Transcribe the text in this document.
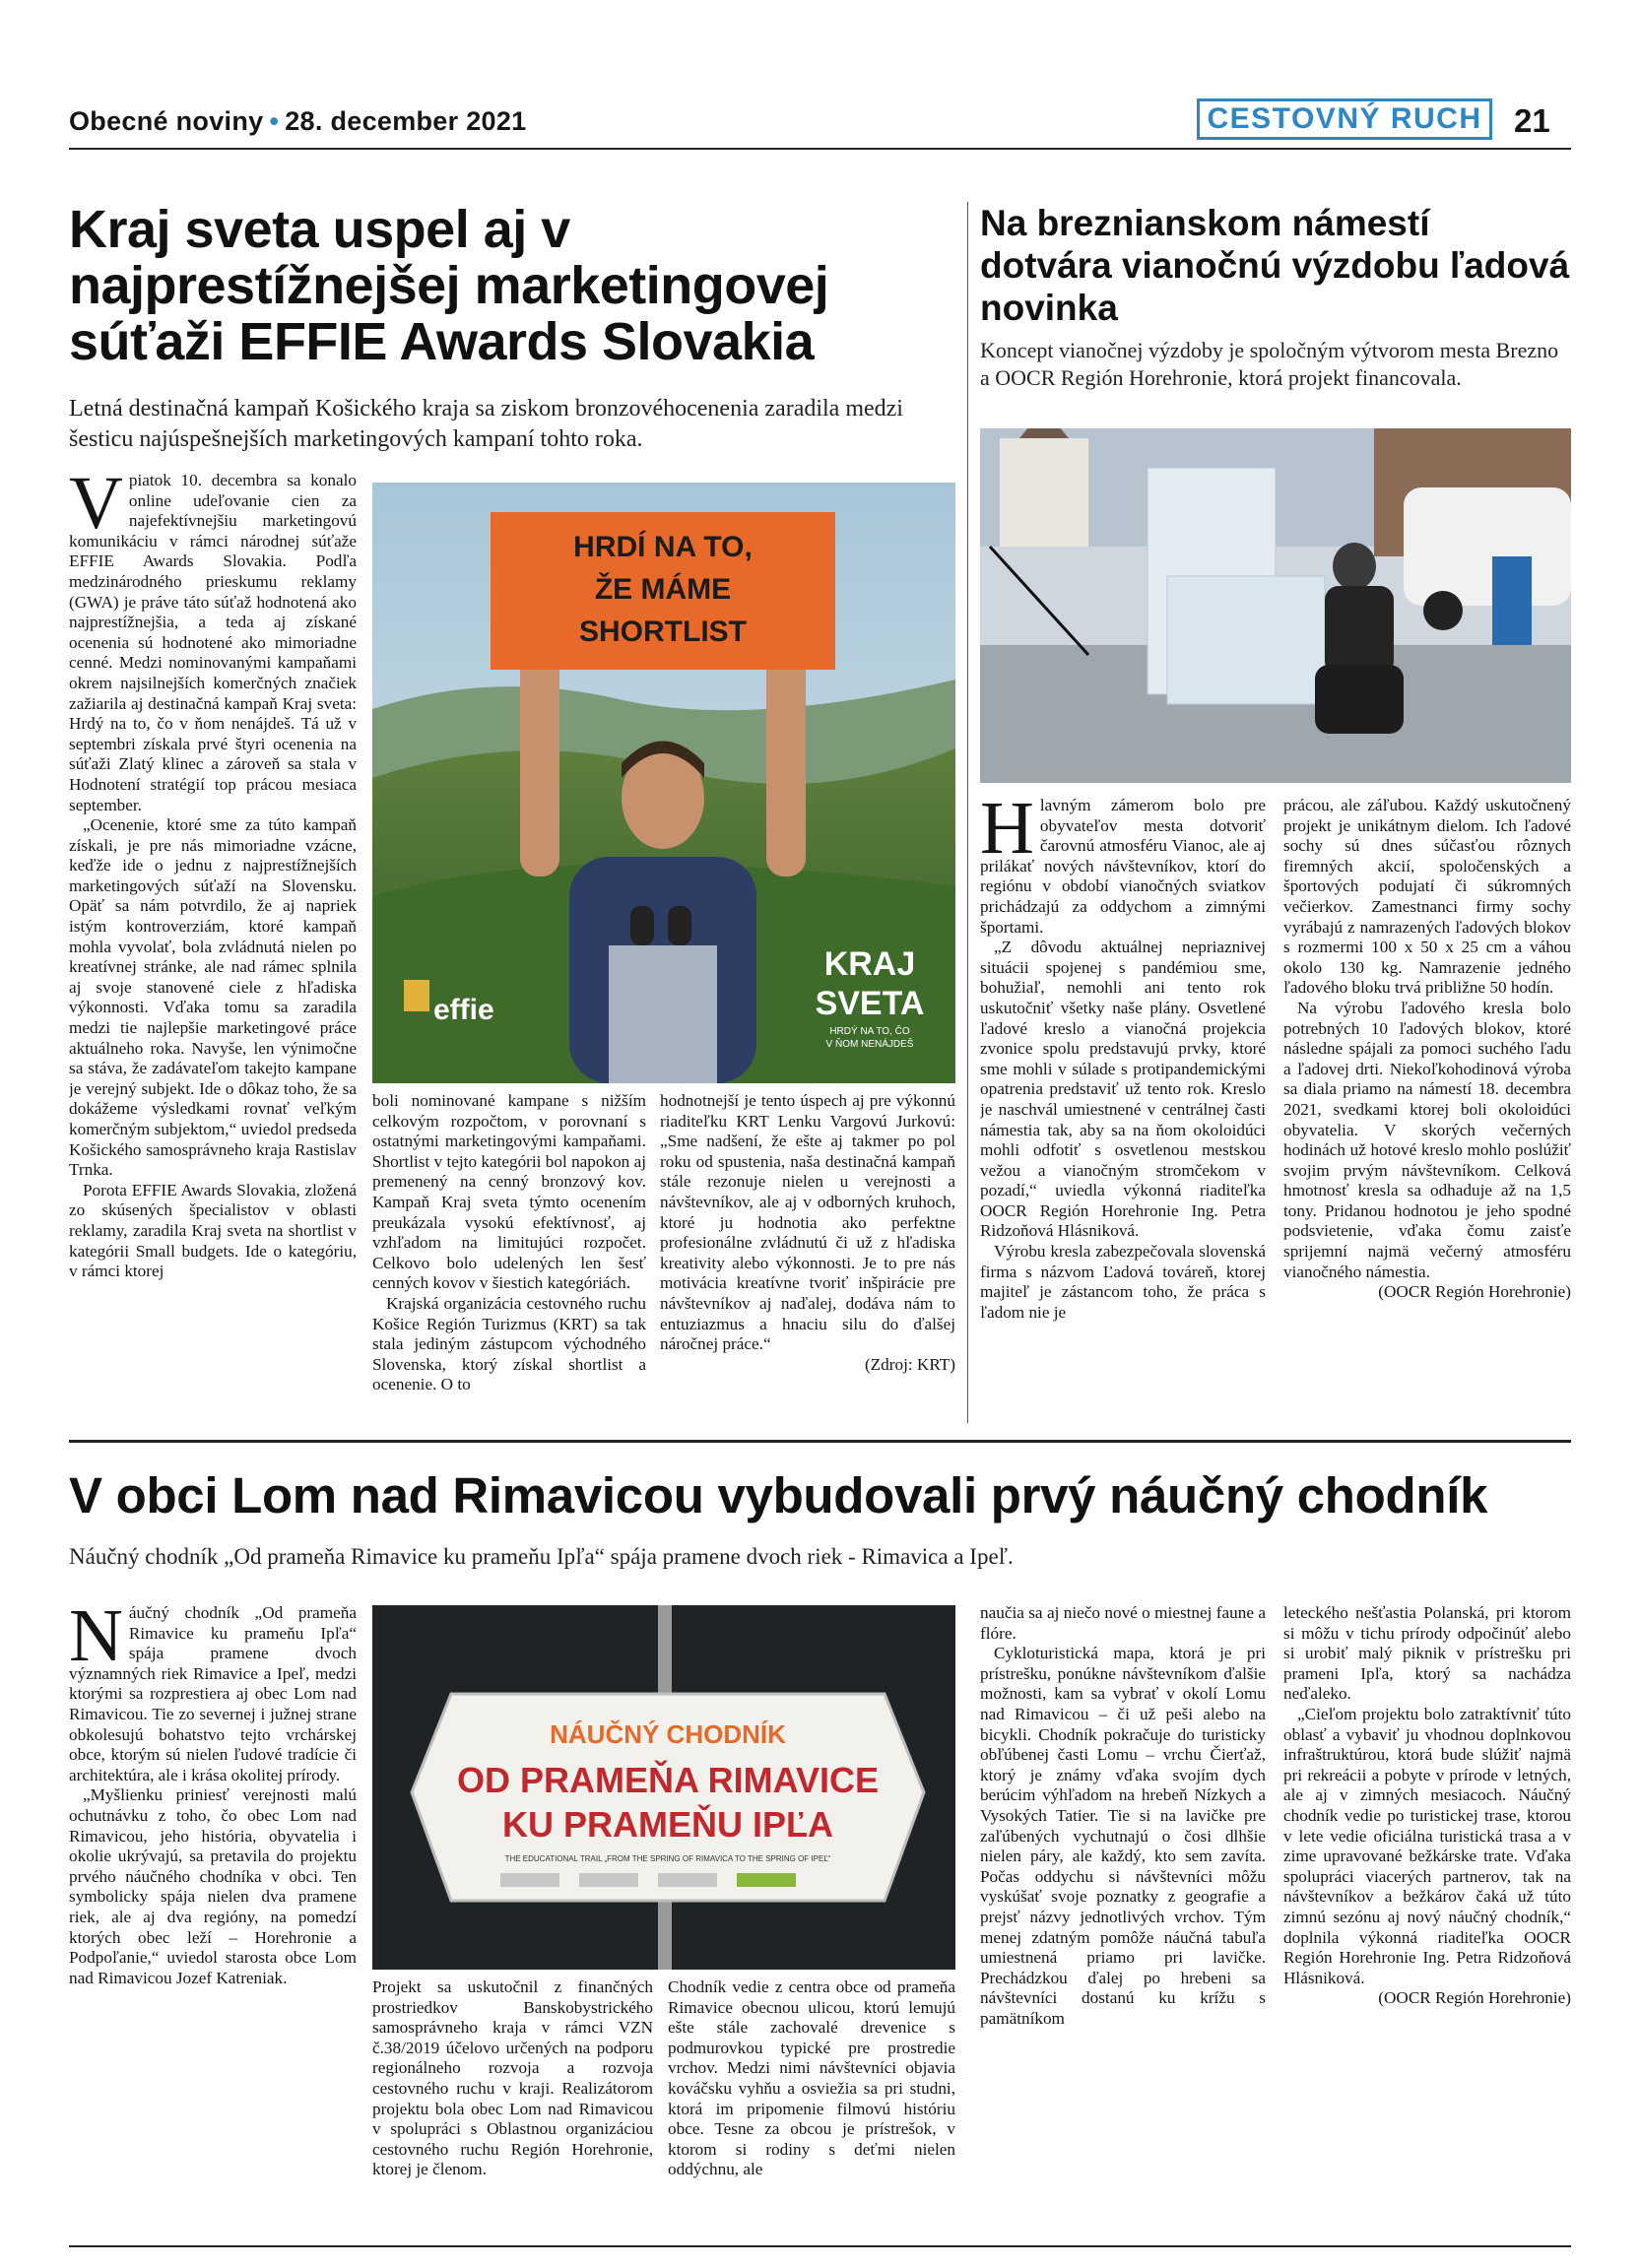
Obecné noviny • 28. december 2021	CESTOVNÝ RUCH 21
Kraj sveta uspel aj v najprestížnejšej marketingovej súťaži EFFIE Awards Slovakia
Letná destinačná kampaň Košického kraja sa ziskom bronzovéhocenenia zaradila medzi šesticu najúspešnejších marketingových kampaní tohto roka.
V piatok 10. decembra sa konalo online udeľovanie cien za najefektívnejšiu marketingovú komunikáciu v rámci národnej súťaže EFFIE Awards Slovakia. Podľa medzinárodného prieskumu reklamy (GWA) je práve táto súťaž hodnotená ako najprestížnejšia, a teda aj získané ocenenia sú hodnotené ako mimoriadne cenné. Medzi nominovanými kampaňami okrem najsilnejších komerčných značiek zažiarila aj destinačná kampaň Kraj sveta: Hrdý na to, čo v ňom nenájdeš. Tá už v septembri získala prvé štyri ocenenia na súťaži Zlatý klinec a zároveň sa stala v Hodnotení stratégií top prácou mesiaca september.

„Ocenenie, ktoré sme za túto kampaň získali, je pre nás mimoriadne vzácne, keďže ide o jednu z najprestížnejších marketingových súťaží na Slovensku. Opäť sa nám potvrdilo, že aj napriek istým kontroverziám, ktoré kampaň mohla vyvolať, bola zvládnutá nielen po kreatívnej stránke, ale nad rámec splnila aj svoje stanovené ciele z hľadiska výkonnosti. Vďaka tomu sa zaradila medzi tie najlepšie marketingové práce aktuálneho roka. Navyše, len výnimočne sa stáva, že zadávateľom takejto kampane je verejný subjekt. Ide o dôkaz toho, že sa dokážeme výsledkami rovnať veľkým komerčným subjektom,“ uviedol predseda Košického samosprávneho kraja Rastislav Trnka.

Porota EFFIE Awards Slovakia, zložená zo skúsených špecialistov v oblasti reklamy, zaradila Kraj sveta na shortlist v kategórii Small budgets. Ide o kategóriu, v rámci ktorej

HRDÍ NA TO,
ŽE MÁME
SHORTLIST
effie
KRAJ
SVETA
HRDÝ NA TO, ČO
V ŇOM NENÁJDEŠ

boli nominované kampane s nižším celkovým rozpočtom, v porovnaní s ostatnými marketingovými kampaňami. Shortlist v tejto kategórii bol napokon aj premenený na cenný bronzový kov. Kampaň Kraj sveta týmto ocenením preukázala vysokú efektívnosť, aj vzhľadom na limitujúci rozpočet. Celkovo bolo udelených len šesť cenných kovov v šiestich kategóriách.

Krajská organizácia cestovného ruchu Košice Región Turizmus (KRT) sa tak stala jediným zástupcom východného Slovenska, ktorý získal shortlist a ocenenie. O to

hodnotnejší je tento úspech aj pre výkonnú riaditeľku KRT Lenku Vargovú Jurkovú: „Sme nadšení, že ešte aj takmer po pol roku od spustenia, naša destinačná kampaň stále rezonuje nielen u verejnosti a návštevníkov, ale aj v odborných kruhoch, ktoré ju hodnotia ako perfektne profesionálne zvládnutú či už z hľadiska kreativity alebo výkonnosti. Je to pre nás motivácia kreatívne tvoriť inšpirácie pre návštevníkov aj naďalej, dodáva nám to entuziazmus a hnaciu silu do ďalšej náročnej práce.“

(Zdroj: KRT)

Na breznianskom námestí dotvára vianočnú výzdobu ľadová novinka
Koncept vianočnej výzdoby je spoločným výtvorom mesta Brezno a OOCR Región Horehronie, ktorá projekt financovala.
H lavným zámerom bolo pre obyvateľov mesta dotvoriť čarovnú atmosféru Vianoc, ale aj prilákať nových návštevníkov, ktorí do regiónu v období vianočných sviatkov prichádzajú za oddychom a zimnými športami.

„Z dôvodu aktuálnej nepriaznivej situácii spojenej s pandémiou sme, bohužiaľ, nemohli ani tento rok uskutočniť všetky naše plány. Osvetlené ľadové kreslo a vianočná projekcia zvonice spolu predstavujú prvky, ktoré sme mohli v súlade s protipandemickými opatrenia predstaviť už tento rok. Kreslo je naschvál umiestnené v centrálnej časti námestia tak, aby sa na ňom okoloidúci mohli odfotiť s osvetlenou mestskou vežou a vianočným stromčekom v pozadí,“ uviedla výkonná riaditeľka OOCR Región Horehronie Ing. Petra Ridzoňová Hlásniková.

Výrobu kresla zabezpečovala slovenská firma s názvom Ľadová továreň, ktorej majiteľ je zástancom toho, že práca s ľadom nie je

prácou, ale záľubou. Každý uskutočnený projekt je unikátnym dielom. Ich ľadové sochy sú dnes súčasťou rôznych firemných akcií, spoločenských a športových podujatí či súkromných večierkov. Zamestnanci firmy sochy vyrábajú z namrazených ľadových blokov s rozmermi 100 x 50 x 25 cm a váhou okolo 130 kg. Namrazenie jedného ľadového bloku trvá približne 50 hodín.

Na výrobu ľadového kresla bolo potrebných 10 ľadových blokov, ktoré následne spájali za pomoci suchého ľadu a ľadovej drti. Niekoľkohodinová výroba sa diala priamo na námestí 18. decembra 2021, svedkami ktorej boli okoloidúci obyvatelia. V skorých večerných hodinách už hotové kreslo mohlo poslúžiť svojim prvým návštevníkom. Celková hmotnosť kresla sa odhaduje až na 1,5 tony. Pridanou hodnotou je jeho spodné podsvietenie, vďaka čomu zaisťe sprijemní najmä večerný atmosféru vianočného námestia.

(OOCR Región Horehronie)

V obci Lom nad Rimavicou vybudovali prvý náučný chodník
Náučný chodník „Od prameňa Rimavice ku prameňu Ipľa“ spája pramene dvoch riek - Rimavica a Ipeľ.
N áučný chodník „Od prameňa Rimavice ku prameňu Ipľa“ spája pramene dvoch významných riek Rimavice a Ipeľ, medzi ktorými sa rozprestiera aj obec Lom nad Rimavicou. Tie zo severnej i južnej strane obkolesujú bohatstvo tejto vrchárskej obce, ktorým sú nielen ľudové tradície či architektúra, ale i krása okolitej prírody.

„Myšlienku priniesť verejnosti malú ochutnávku z toho, čo obec Lom nad Rimavicou, jeho história, obyvatelia i okolie ukrývajú, sa pretavila do projektu prvého náučného chodníka v obci. Ten symbolicky spája nielen dva pramene riek, ale aj dva regióny, na pomedzí ktorých obec leží – Horehronie a Podpoľanie,“ uviedol starosta obce Lom nad Rimavicou Jozef Katreniak.

NÁUČNÝ CHODNÍK
OD PRAMEŇA RIMAVICE
KU PRAMEŇU IPĽA
THE EDUCATIONAL TRAIL „FROM THE SPRING OF RIMAVICA TO THE SPRING OF IPEĽ“

Projekt sa uskutočnil z finančných prostriedkov Banskobystrického samosprávneho kraja v rámci VZN č.38/2019 účelovo určených na podporu regionálneho rozvoja a rozvoja cestovného ruchu v kraji. Realizátorom projektu bola obec Lom nad Rimavicou v spolupráci s Oblastnou organizáciou cestovného ruchu Región Horehronie, ktorej je členom.

Chodník vedie z centra obce od prameňa Rimavice obecnou ulicou, ktorú lemujú ešte stále zachovalé drevenice s podmurovkou typické pre prostredie vrchov. Medzi nimi návštevníci objavia kováčsku vyhňu a osviežia sa pri studni, ktorá im pripomenie filmovú históriu obce. Tesne za obcou je prístrešok, v ktorom si rodiny s deťmi nielen oddýchnu, ale

naučia sa aj niečo nové o miestnej faune a flóre.

Cykloturistická mapa, ktorá je pri prístrešku, ponúkne návštevníkom ďalšie možnosti, kam sa vybrať v okolí Lomu nad Rimavicou – či už peši alebo na bicykli. Chodník pokračuje do turisticky obľúbenej časti Lomu – vrchu Čierťaž, ktorý je známy vďaka svojím dych berúcim výhľadom na hrebeň Nízkych a Vysokých Tatier. Tie si na lavičke pre zaľúbených vychutnajú o čosi dlhšie nielen páry, ale každý, kto sem zavíta. Počas oddychu si návštevníci môžu vyskúšať svoje poznatky z geografie a prejsť názvy jednotlivých vrchov. Tým menej zdatným pomôže náučná tabuľa umiestnená priamo pri lavičke. Prechádzkou ďalej po hrebeni sa návštevníci dostanú ku krížu s pamätníkom

leteckého nešťastia Polanská, pri ktorom si môžu v tichu prírody odpočinúť alebo si urobiť malý piknik v prístrešku pri prameni Ipľa, ktorý sa nachádza neďaleko.

„Cieľom projektu bolo zatraktívniť túto oblasť a vybaviť ju vhodnou doplnkovou infraštruktúrou, ktorá bude slúžiť najmä pri rekreácii a pobyte v prírode v letných, ale aj v zimných mesiacoch. Náučný chodník vedie po turistickej trase, ktorou v lete vedie oficiálna turistická trasa a v zime upravované bežkárske trate. Vďaka spolupráci viacerých partnerov, tak na návštevníkov a bežkárov čaká už túto zimnú sezónu aj nový náučný chodník,“ doplnila výkonná riaditeľka OOCR Región Horehronie Ing. Petra Ridzoňová Hlásniková.

(OOCR Región Horehronie)
